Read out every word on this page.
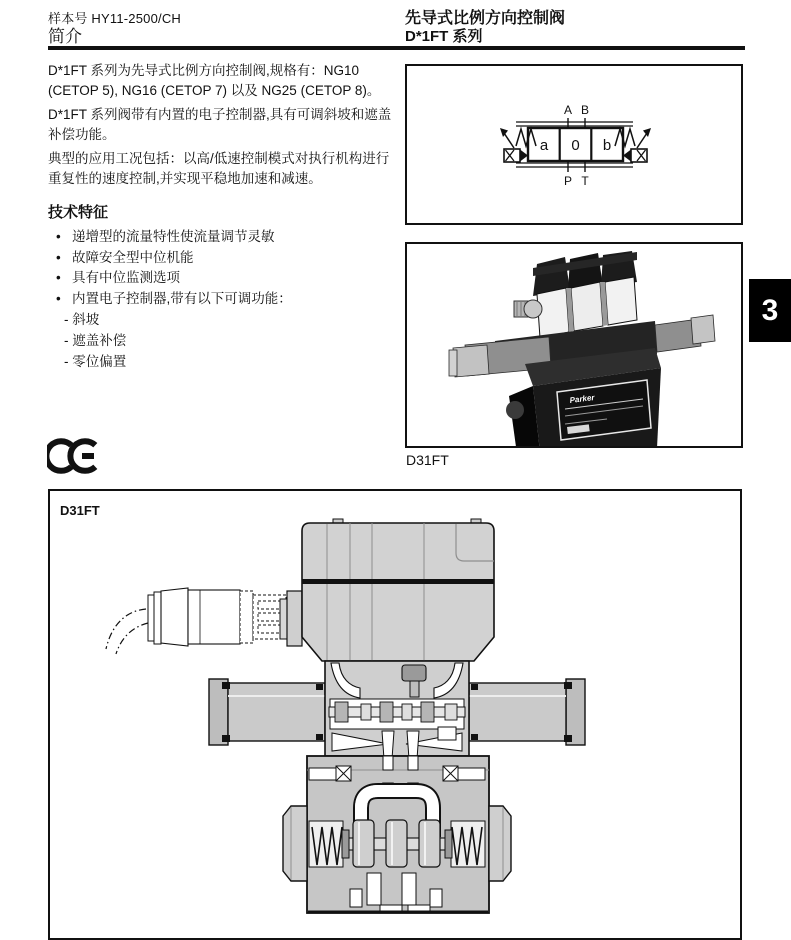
样本号 HY11-2500/CH
简介
先导式比例方向控制阀
D*1FT 系列

D*1FT 系列为先导式比例方向控制阀,规格有：NG10 (CETOP 5), NG16 (CETOP 7) 以及 NG25 (CETOP 8)。

D*1FT 系列阀带有内置的电子控制器,具有可调斜坡和遮盖补偿功能。

典型的应用工况包括：以高/低速控制模式对执行机构进行重复性的速度控制,并实现平稳地加速和减速。

技术特征
• 递增型的流量特性使流量调节灵敏
• 故障安全型中位机能
• 具有中位监测选项
• 内置电子控制器,带有以下可调功能：
- 斜坡
- 遮盖补偿
- 零位偏置
a 0 b
A B
P T
Parker
D31FT
3
D31FT
